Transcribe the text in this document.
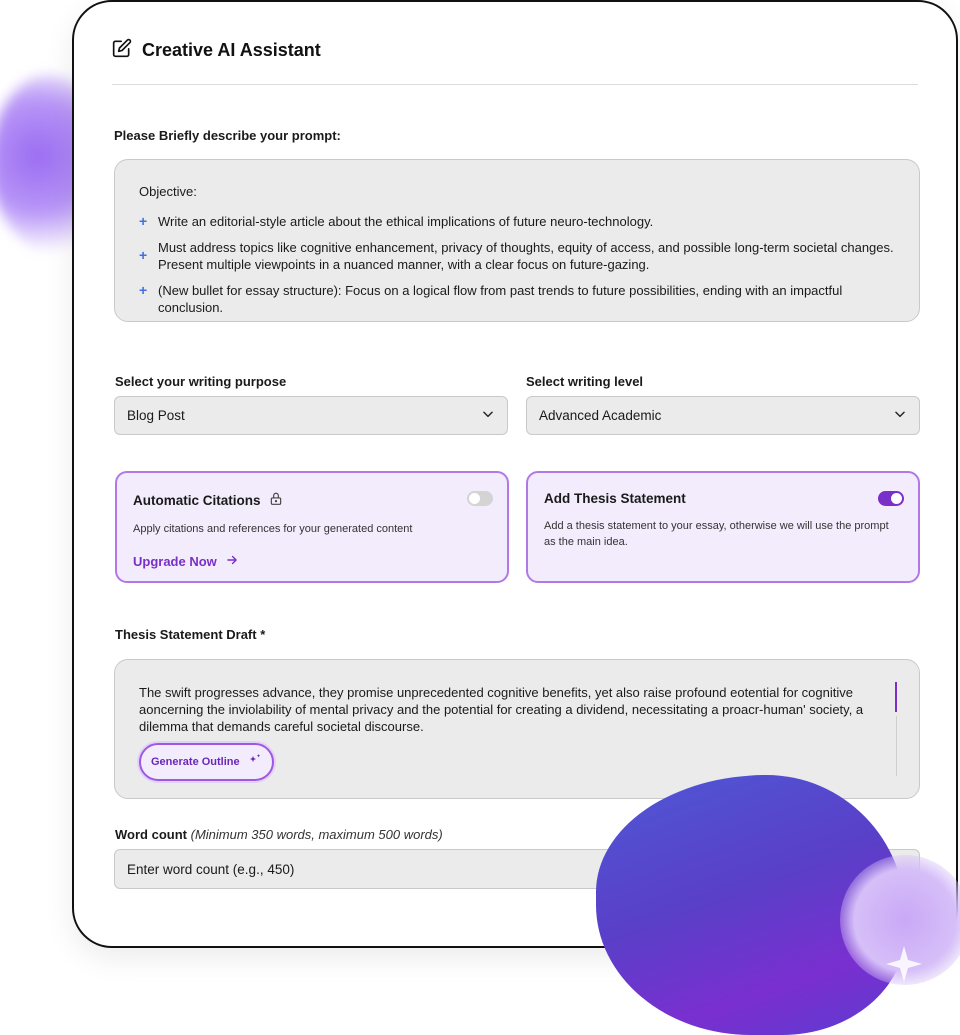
Creative AI Assistant
Please Briefly describe your prompt:

Objective:

+ Write an editorial-style article about the ethical implications of future neuro-technology.
+ Must address topics like cognitive enhancement, privacy of thoughts, equity of access, and possible long-term societal changes. Present multiple viewpoints in a nuanced manner, with a clear focus on future-gazing.
+ (New bullet for essay structure): Focus on a logical flow from past trends to future possibilities, ending with an impactful conclusion.
Select your writing purpose	Select writing level
Blog Post	Advanced Academic
Automatic Citations
Apply citations and references for your generated content
Upgrade Now
Add Thesis Statement
Add a thesis statement to your essay, otherwise we will use the prompt as the main idea.
Thesis Statement Draft *
The swift progresses advance, they promise unprecedented cognitive benefits, yet also raise profound eotential for cognitive aoncerning the inviolability of mental privacy and the potential for creating a dividend, necessitating a proacr-human' society, a dilemma that demands careful societal discourse.
Generate Outline
Word count (Minimum 350 words, maximum 500 words)
Enter word count (e.g., 450)
